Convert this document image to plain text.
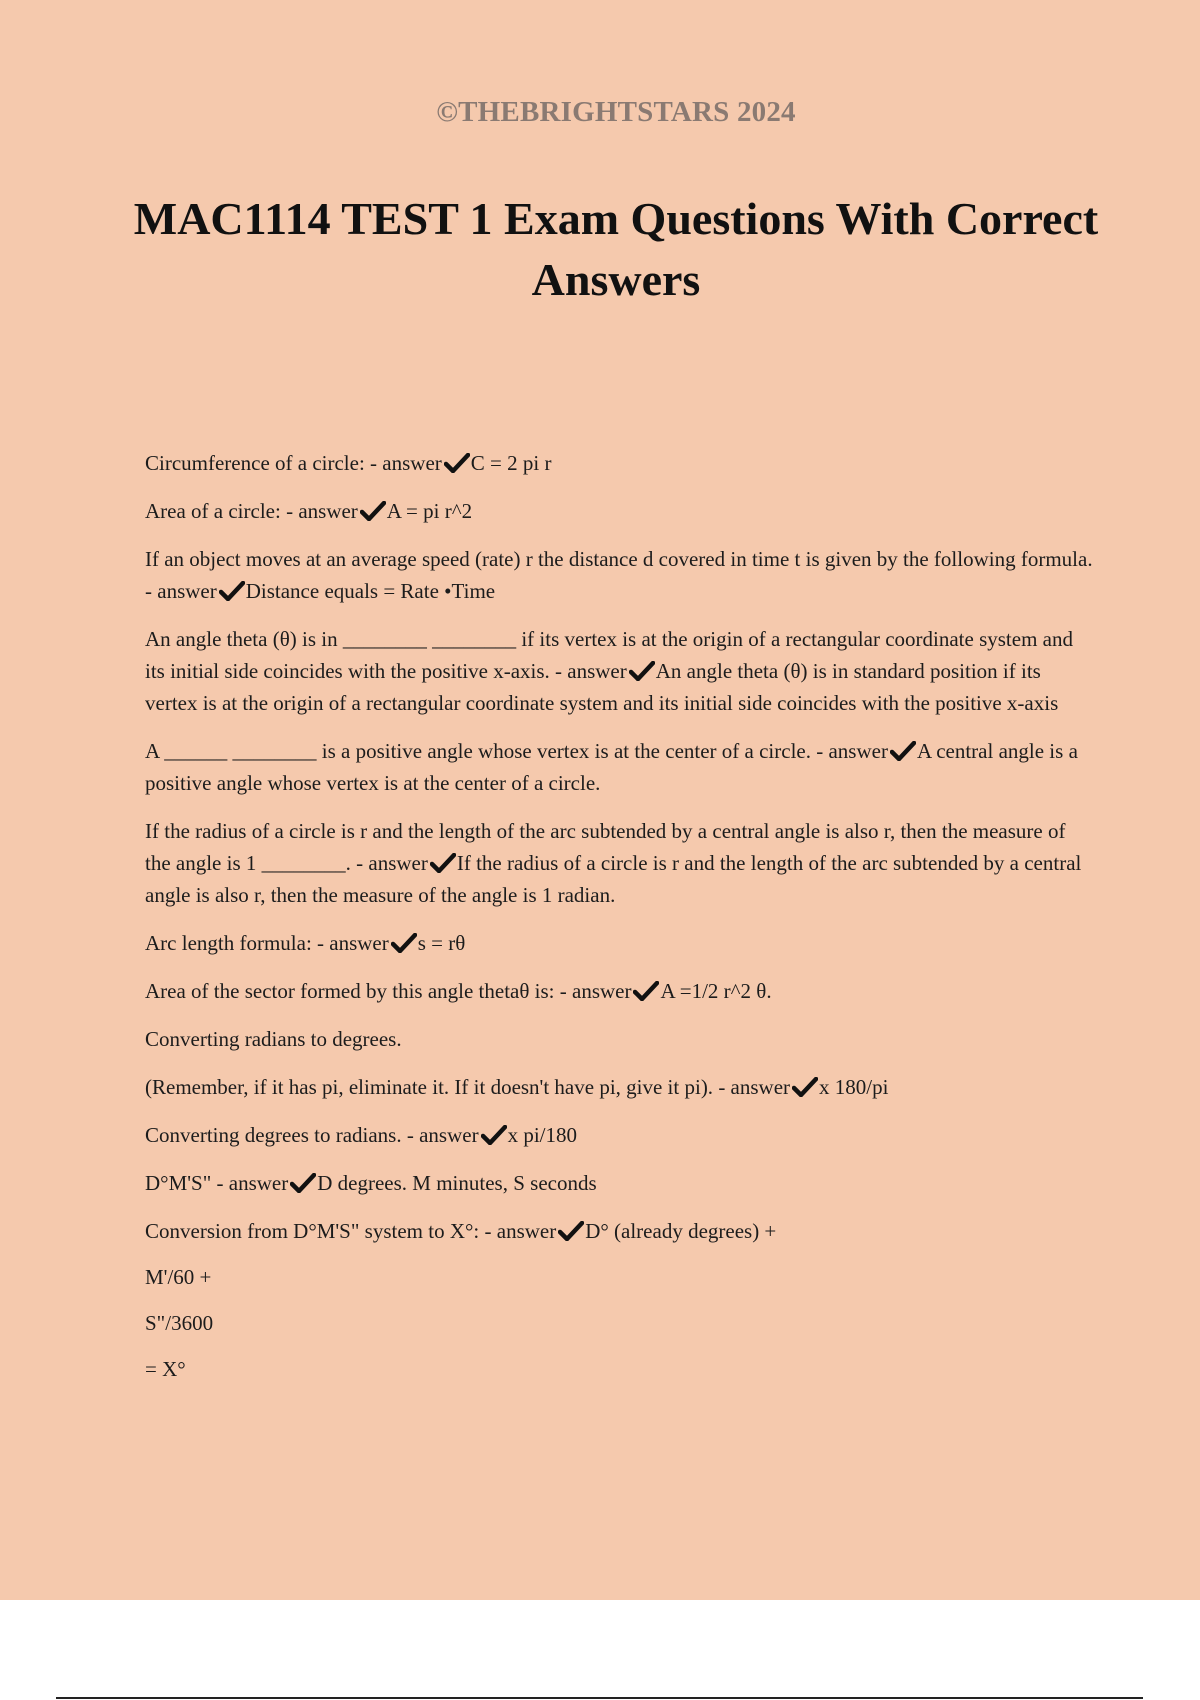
©THEBRIGHTSTARS 2024
MAC1114 TEST 1 Exam Questions With Correct Answers

Circumference of a circle: - answer C = 2 pi r

Area of a circle: - answer A = pi r^2

If an object moves at an average speed (rate) r the distance d covered in time t is given by the following formula. - answer Distance equals = Rate •Time

An angle theta (θ) is in ________ ________ if its vertex is at the origin of a rectangular coordinate system and its initial side coincides with the positive x-axis. - answer An angle theta (θ) is in standard position if its vertex is at the origin of a rectangular coordinate system and its initial side coincides with the positive x-axis

A ______ ________ is a positive angle whose vertex is at the center of a circle. - answer A central angle is a positive angle whose vertex is at the center of a circle.

If the radius of a circle is r and the length of the arc subtended by a central angle is also r, then the measure of the angle is 1 ________. - answer If the radius of a circle is r and the length of the arc subtended by a central angle is also r, then the measure of the angle is 1 radian.

Arc length formula: - answer s = rθ

Area of the sector formed by this angle thetaθ is: - answer A =1/2 r^2 θ.

Converting radians to degrees.

(Remember, if it has pi, eliminate it. If it doesn't have pi, give it pi). - answer x 180/pi

Converting degrees to radians. - answer x pi/180

D°M'S" - answer D degrees. M minutes, S seconds

Conversion from D°M'S" system to X°: - answer D° (already degrees) +

M'/60 +

S"/3600

= X°
